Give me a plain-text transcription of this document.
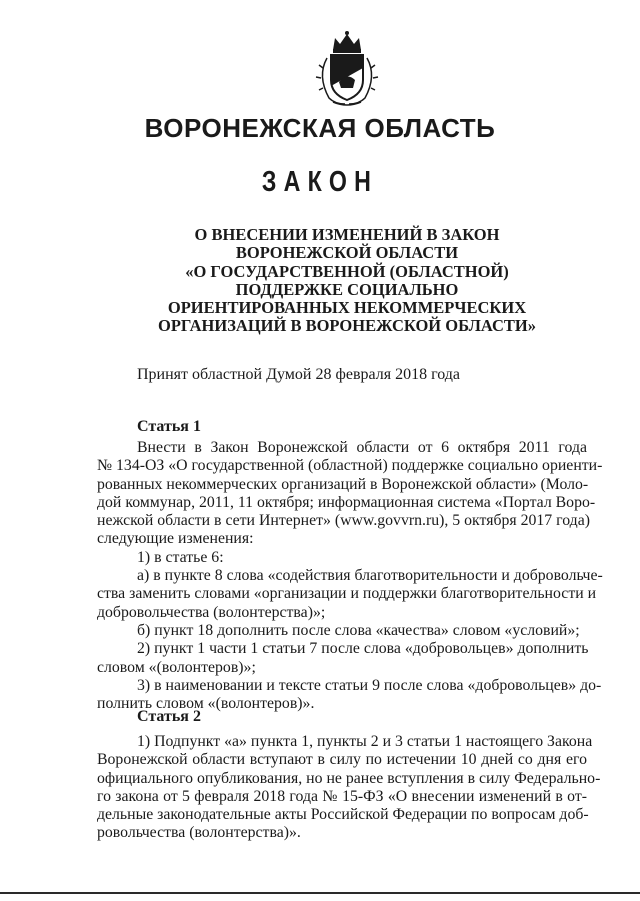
ВОРОНЕЖСКАЯ ОБЛАСТЬ
ЗАКОН
О ВНЕСЕНИИ ИЗМЕНЕНИЙ В ЗАКОН
ВОРОНЕЖСКОЙ ОБЛАСТИ
«О ГОСУДАРСТВЕННОЙ (ОБЛАСТНОЙ)
ПОДДЕРЖКЕ СОЦИАЛЬНО
ОРИЕНТИРОВАННЫХ НЕКОММЕРЧЕСКИХ
ОРГАНИЗАЦИЙ В ВОРОНЕЖСКОЙ ОБЛАСТИ»
Принят областной Думой 28 февраля 2018 года
Статья 1
Внести в Закон Воронежской области от 6 октября 2011 года
№ 134-ОЗ «О государственной (областной) поддержке социально ориенти-
рованных некоммерческих организаций в Воронежской области» (Моло-
дой коммунар, 2011, 11 октября; информационная система «Портал Воро-
нежской области в сети Интернет» (www.govvrn.ru), 5 октября 2017 года)
следующие изменения:
1) в статье 6:
а) в пункте 8 слова «содействия благотворительности и добровольче-
ства заменить словами «организации и поддержки благотворительности и
добровольчества (волонтерства)»;
б) пункт 18 дополнить после слова «качества» словом «условий»;
2) пункт 1 части 1 статьи 7 после слова «добровольцев» дополнить
словом «(волонтеров)»;
3) в наименовании и тексте статьи 9 после слова «добровольцев» до-
полнить словом «(волонтеров)».
Статья 2
1) Подпункт «а» пункта 1, пункты 2 и 3 статьи 1 настоящего Закона
Воронежской области вступают в силу по истечении 10 дней со дня его
официального опубликования, но не ранее вступления в силу Федерально-
го закона от 5 февраля 2018 года № 15-ФЗ «О внесении изменений в от-
дельные законодательные акты Российской Федерации по вопросам доб-
ровольчества (волонтерства)».
